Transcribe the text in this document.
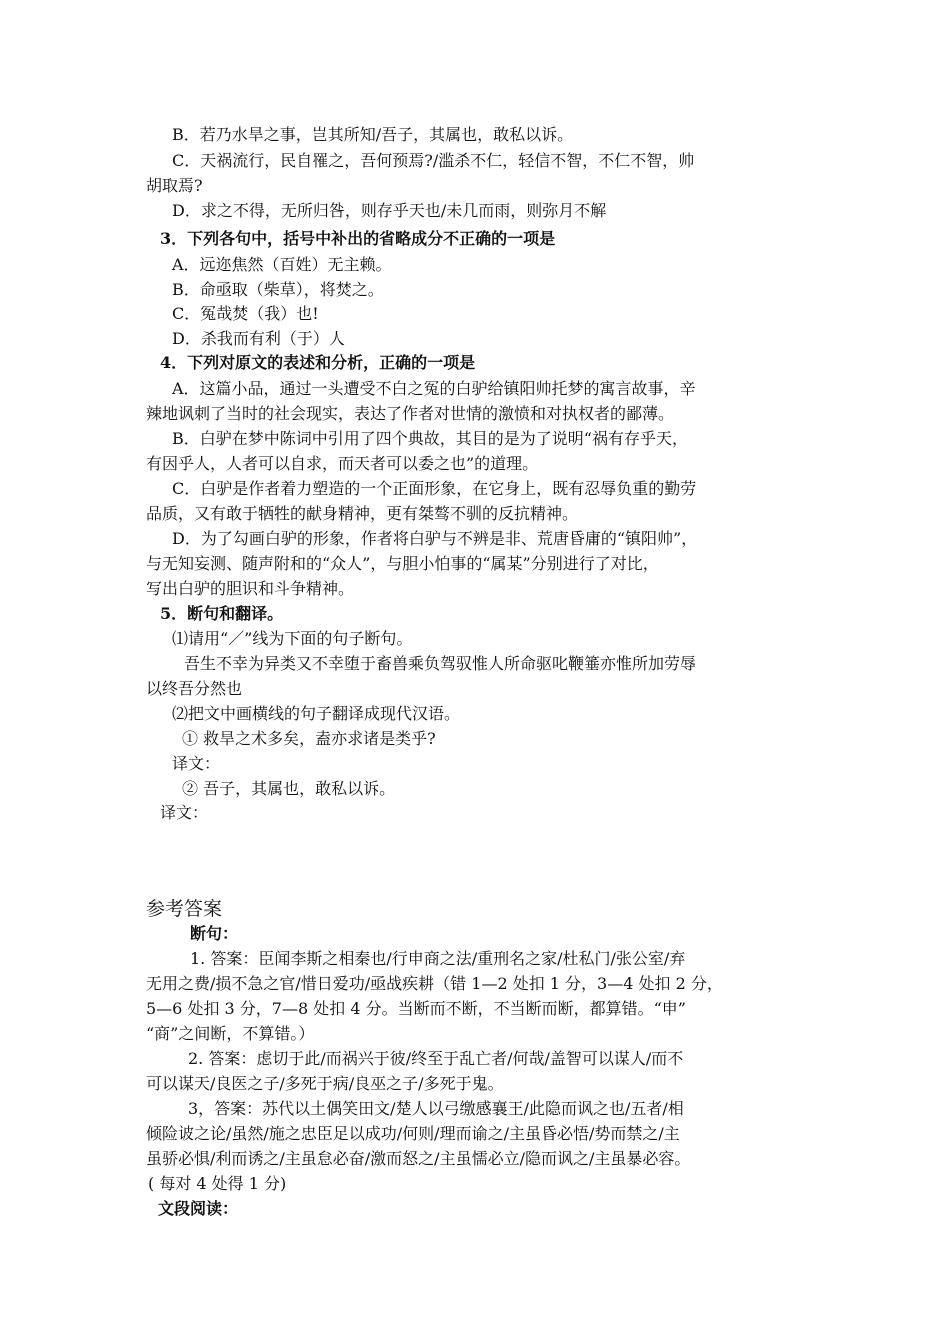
B．若乃水旱之事，岂其所知/吾子，其属也，敢私以诉。
C．天祸流行，民自罹之，吾何预焉?/滥杀不仁，轻信不智，不仁不智，帅
胡取焉?
D．求之不得，无所归咎，则存乎天也/未几而雨，则弥月不解
3．下列各句中，括号中补出的省略成分不正确的一项是
A．远迩焦然（百姓）无主赖。
B．命亟取（柴草），将焚之。
C．冤哉焚（我）也!
D．杀我而有利（于）人
4．下列对原文的表述和分析，正确的一项是
A．这篇小品，通过一头遭受不白之冤的白驴给镇阳帅托梦的寓言故事，辛
辣地讽刺了当时的社会现实，表达了作者对世情的激愤和对执权者的鄙薄。
B．白驴在梦中陈词中引用了四个典故，其目的是为了说明“祸有存乎天，
有因乎人，人者可以自求，而天者可以委之也”的道理。
C．白驴是作者着力塑造的一个正面形象，在它身上，既有忍辱负重的勤劳
品质，又有敢于牺牲的献身精神，更有桀骜不驯的反抗精神。
D．为了勾画白驴的形象，作者将白驴与不辨是非、荒唐昏庸的“镇阳帅”，
与无知妄测、随声附和的“众人”，与胆小怕事的“属某”分别进行了对比，
写出白驴的胆识和斗争精神。
5．断句和翻译。
⑴请用“／”线为下面的句子断句。
吾生不幸为异类又不幸堕于畜兽乘负驾驭惟人所命驱叱鞭箠亦惟所加劳辱
以终吾分然也
⑵把文中画横线的句子翻译成现代汉语。
① 救旱之术多矣，盍亦求诸是类乎?
译文：
② 吾子，其属也，敢私以诉。
译文：
参考答案
断句：
1. 答案：臣闻李斯之相秦也/行申商之法/重刑名之家/杜私门/张公室/弃
无用之费/损不急之官/惜日爱功/亟战疾耕（错 1—2 处扣 1 分，3—4 处扣 2 分，
5—6 处扣 3 分，7—8 处扣 4 分。当断而不断，不当断而断，都算错。“申”
“商”之间断，不算错。）
2. 答案：虑切于此/而祸兴于彼/终至于乱亡者/何哉/盖智可以谋人/而不
可以谋天/良医之子/多死于病/良巫之子/多死于鬼。
3，答案：苏代以土偶笑田文/楚人以弓缴感襄王/此隐而讽之也/五者/相
倾险诐之论/虽然/施之忠臣足以成功/何则/理而谕之/主虽昏必悟/势而禁之/主
虽骄必惧/利而诱之/主虽怠必奋/激而怒之/主虽懦必立/隐而讽之/主虽暴必容。
( 每对 4 处得 1 分)
文段阅读：
